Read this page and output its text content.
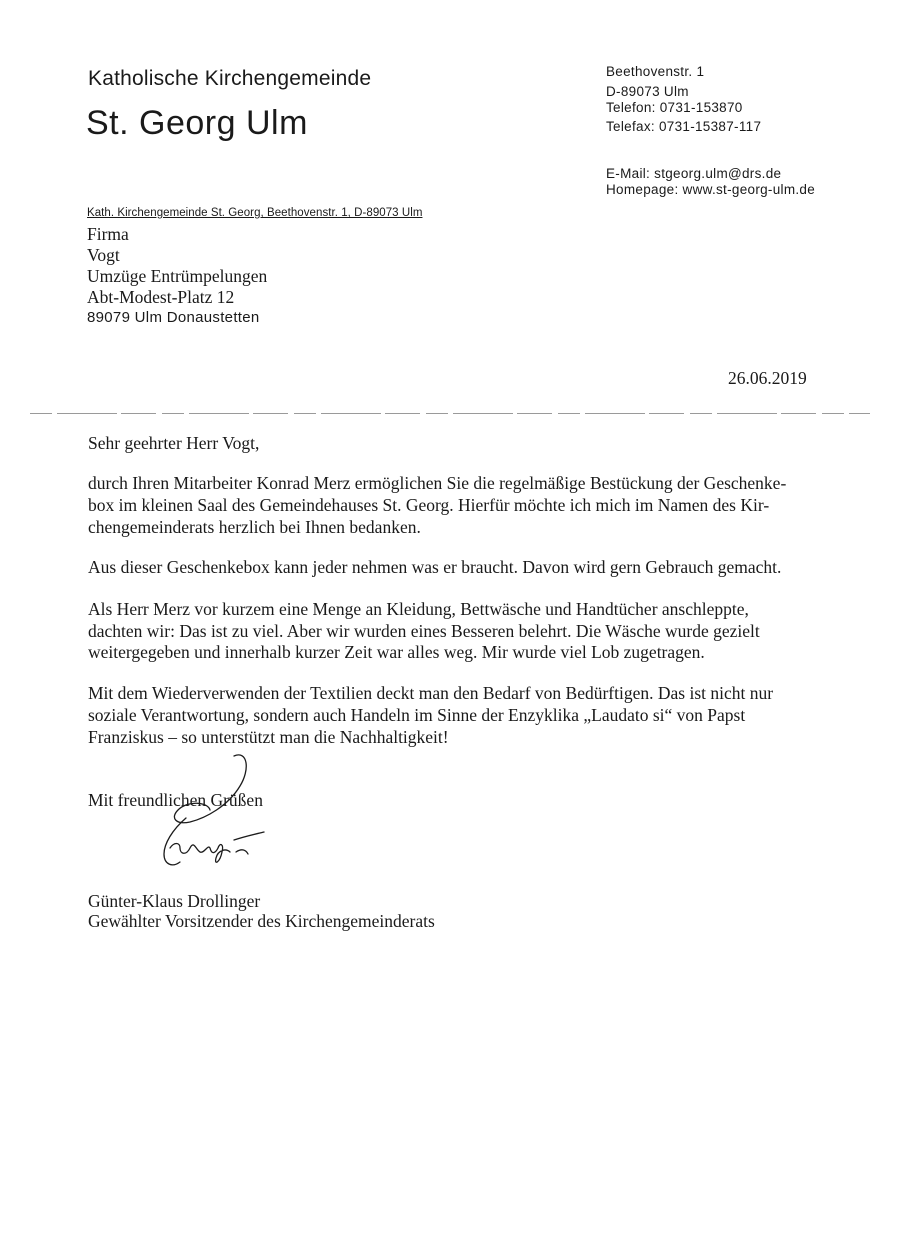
Katholische Kirchengemeinde
St. Georg Ulm
Beethovenstr. 1
D-89073 Ulm
Telefon: 0731-153870
Telefax: 0731-15387-117
E-Mail: stgeorg.ulm@drs.de
Homepage: www.st-georg-ulm.de
Kath. Kirchengemeinde St. Georg, Beethovenstr. 1, D-89073 Ulm
Firma
Vogt
Umzüge Entrümpelungen
Abt-Modest-Platz 12
89079 Ulm Donaustetten
26.06.2019
Sehr geehrter Herr Vogt,
durch Ihren Mitarbeiter Konrad Merz ermöglichen Sie die regelmäßige Bestückung der Geschenke-
box im kleinen Saal des Gemeindehauses St. Georg. Hierfür möchte ich mich im Namen des Kir-
chengemeinderats herzlich bei Ihnen bedanken.
Aus dieser Geschenkebox kann jeder nehmen was er braucht. Davon wird gern Gebrauch gemacht.
Als Herr Merz vor kurzem eine Menge an Kleidung, Bettwäsche und Handtücher anschleppte,
dachten wir: Das ist zu viel. Aber wir wurden eines Besseren belehrt. Die Wäsche wurde gezielt
weitergegeben und innerhalb kurzer Zeit war alles weg. Mir wurde viel Lob zugetragen.
Mit dem Wiederverwenden der Textilien deckt man den Bedarf von Bedürftigen. Das ist nicht nur
soziale Verantwortung, sondern auch Handeln im Sinne der Enzyklika „Laudato si“ von Papst
Franziskus – so unterstützt man die Nachhaltigkeit!
Mit freundlichen Grüßen
Günter-Klaus Drollinger
Gewählter Vorsitzender des Kirchengemeinderats
